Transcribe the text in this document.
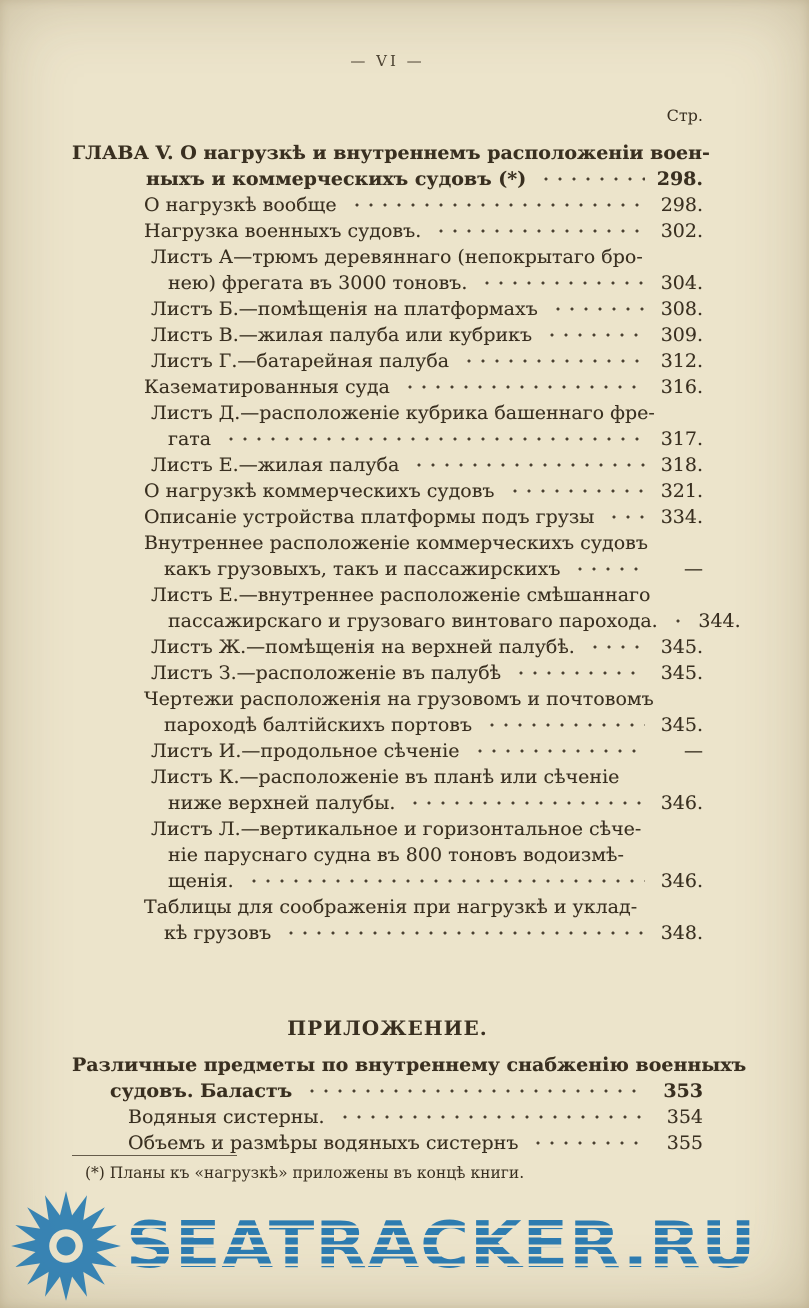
— VI —
Стр.
ГЛАВА V. О нагрузкѣ и внутреннемъ расположеніи воен-
ныхъ и коммерческихъ судовъ (*)	298.
О нагрузкѣ вообще	298.
Нагрузка военныхъ судовъ.	302.
Листъ А—трюмъ деревяннаго (непокрытаго бро-
нею) фрегата въ 3000 тоновъ.	304.
Листъ Б.—помѣщенія на платформахъ	308.
Листъ В.—жилая палуба или кубрикъ	309.
Листъ Г.—батарейная палуба	312.
Казематированныя суда	316.
Листъ Д.—расположеніе кубрика башеннаго фре-
гата	317.
Листъ Е.—жилая палуба	318.
О нагрузкѣ коммерческихъ судовъ	321.
Описаніе устройства платформы подъ грузы	334.
Внутреннее расположеніе коммерческихъ судовъ
какъ грузовыхъ, такъ и пассажирскихъ	—
Листъ Е.—внутреннее расположеніе смѣшаннаго
пассажирскаго и грузоваго винтоваго парохода.	344.
Листъ Ж.—помѣщенія на верхней палубѣ.	345.
Листъ З.—расположеніе въ палубѣ	345.
Чертежи расположенія на грузовомъ и почтовомъ
пароходѣ балтійскихъ портовъ	345.
Листъ И.—продольное сѣченіе	—
Листъ К.—расположеніе въ планѣ или сѣченіе
ниже верхней палубы.	346.
Листъ Л.—вертикальное и горизонтальное сѣче-
ніе паруснаго судна въ 800 тоновъ водоизмѣ-
щенія.	346.
Таблицы для соображенія при нагрузкѣ и уклад-
кѣ грузовъ	348.
ПРИЛОЖЕНИЕ.
Различные предметы по внутреннему снабженію военныхъ
судовъ. Баластъ	353
Водяныя систерны.	354
Объемъ и размѣры водяныхъ систернъ	355
(*) Планы къ «нагрузкѣ» приложены въ концѣ книги.
SEATRACKER.RU
